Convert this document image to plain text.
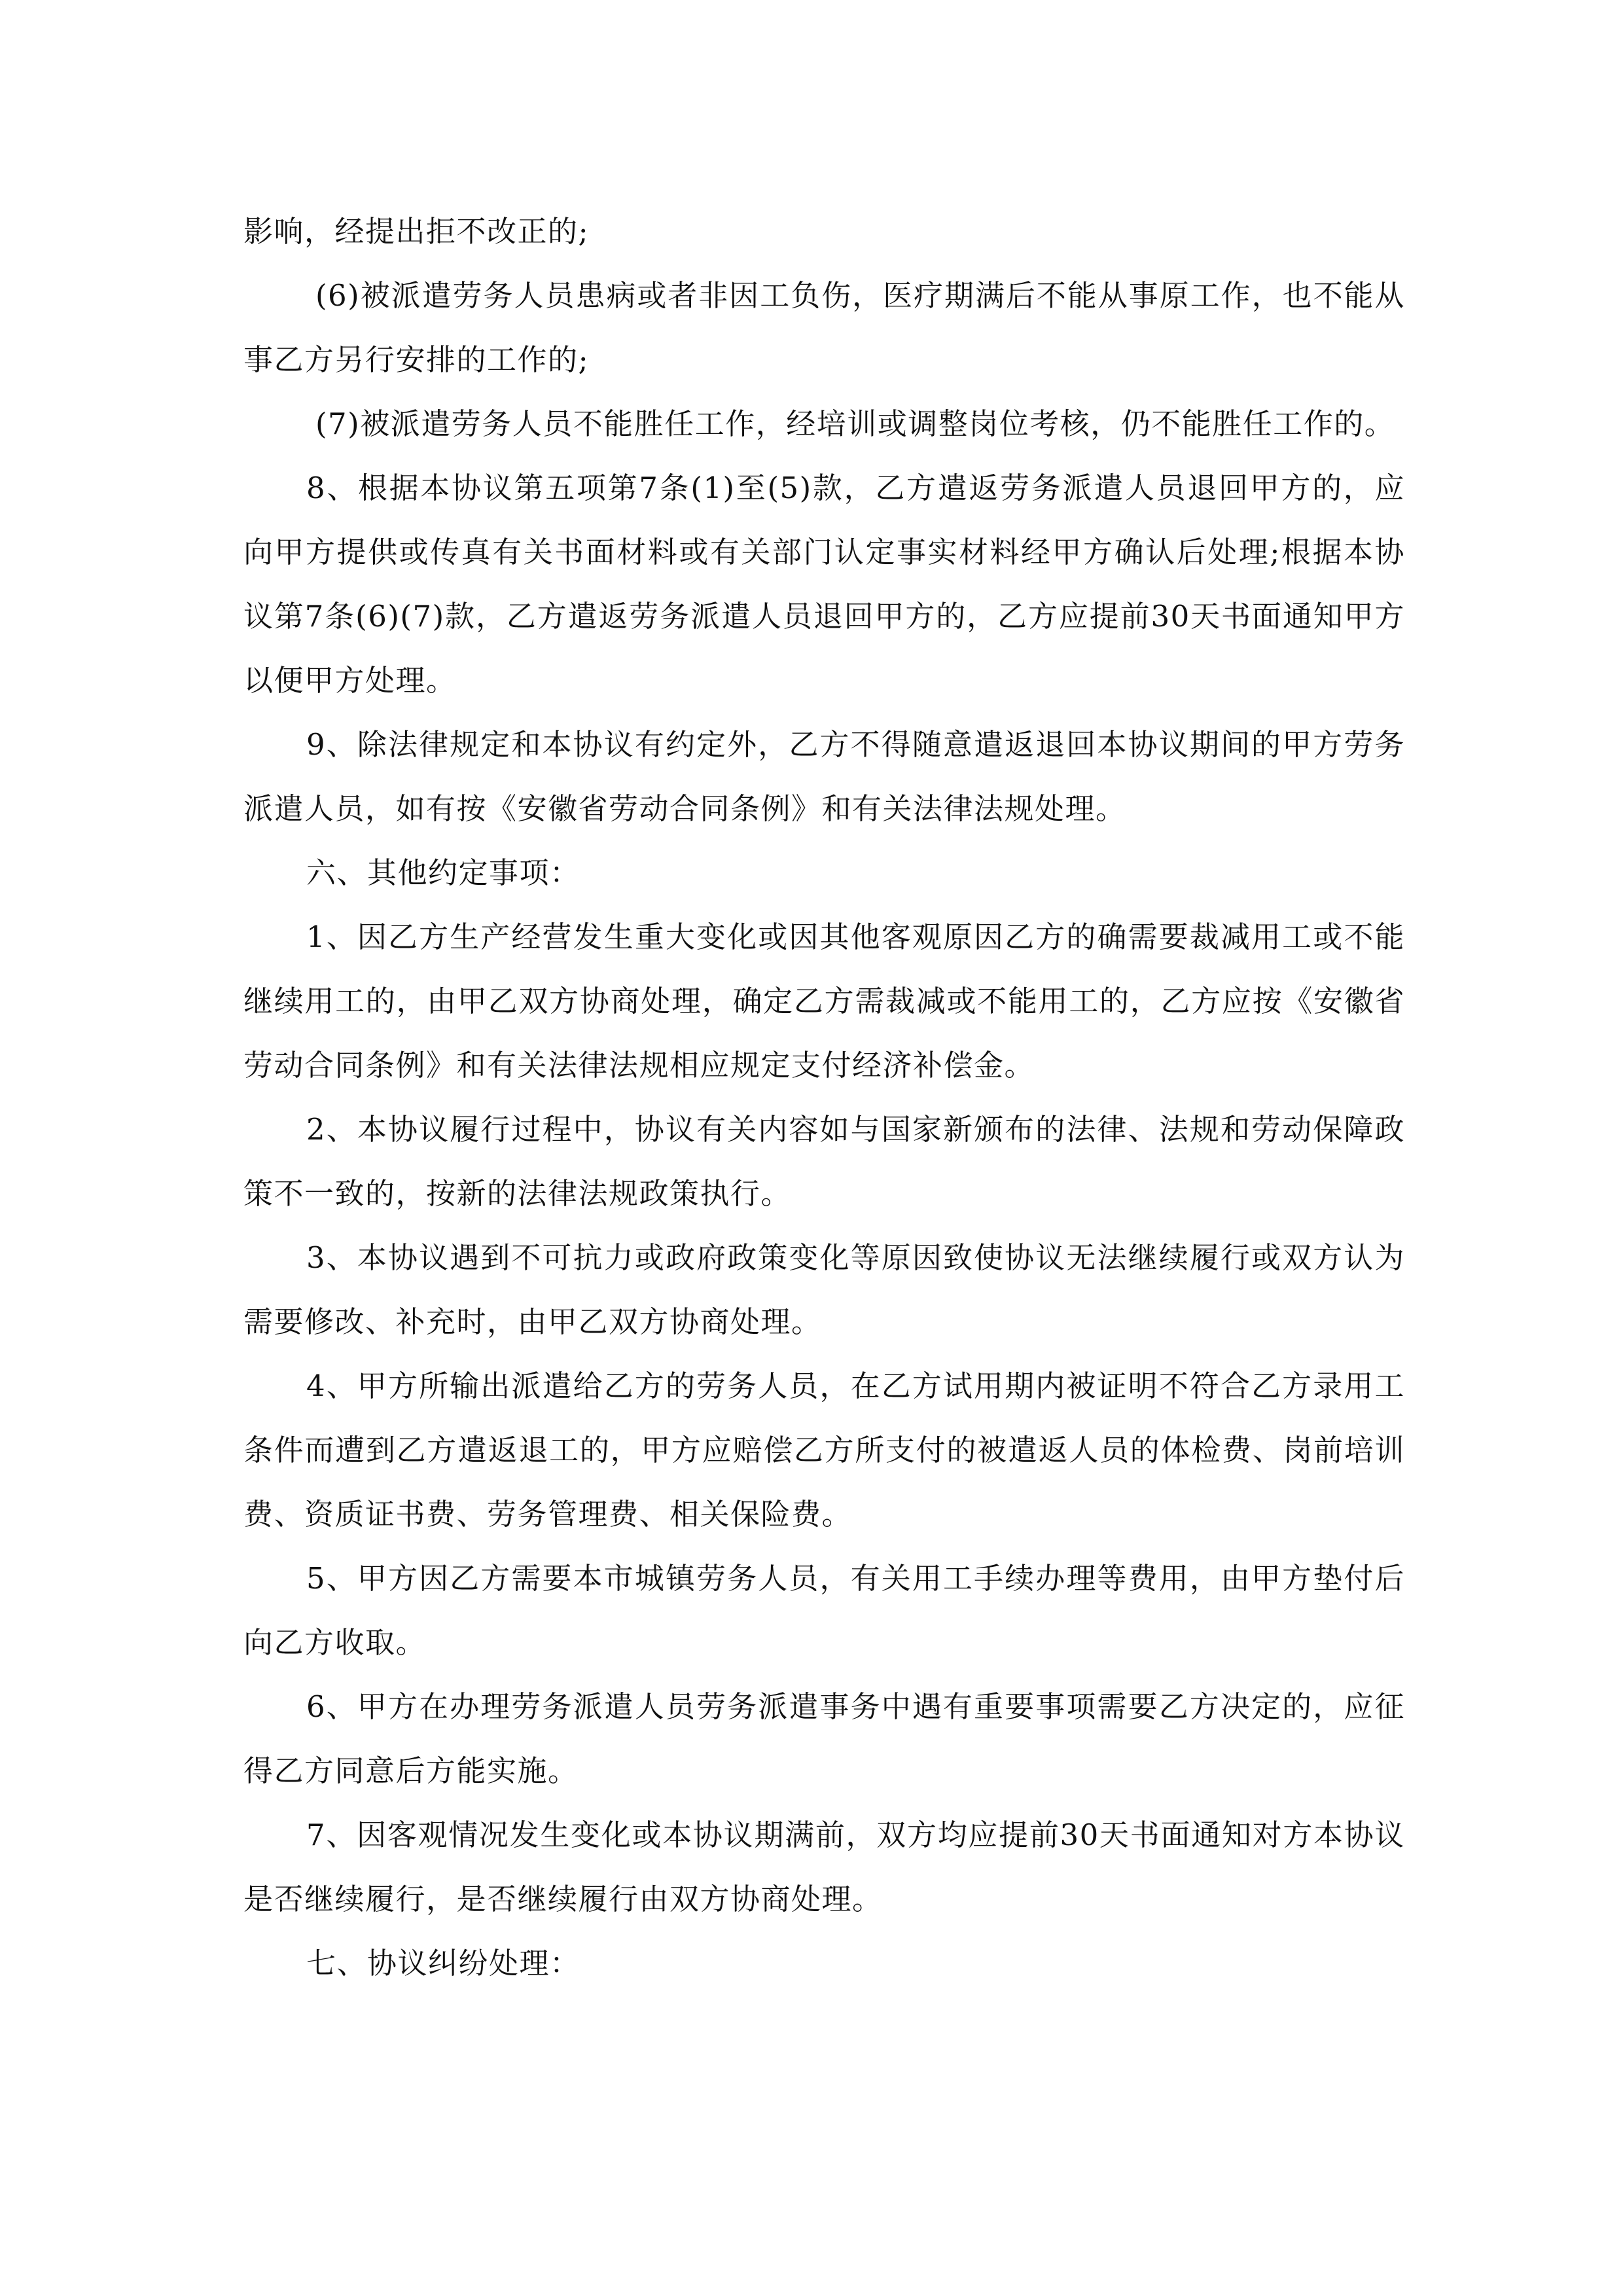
影响，经提出拒不改正的;

(6)被派遣劳务人员患病或者非因工负伤，医疗期满后不能从事原工作，也不能从事乙方另行安排的工作的;

(7)被派遣劳务人员不能胜任工作，经培训或调整岗位考核，仍不能胜任工作的。

8、根据本协议第五项第7条(1)至(5)款，乙方遣返劳务派遣人员退回甲方的，应向甲方提供或传真有关书面材料或有关部门认定事实材料经甲方确认后处理;根据本协议第7条(6)(7)款，乙方遣返劳务派遣人员退回甲方的，乙方应提前30天书面通知甲方以便甲方处理。

9、除法律规定和本协议有约定外，乙方不得随意遣返退回本协议期间的甲方劳务派遣人员，如有按《安徽省劳动合同条例》和有关法律法规处理。

六、其他约定事项：

1、因乙方生产经营发生重大变化或因其他客观原因乙方的确需要裁减用工或不能继续用工的，由甲乙双方协商处理，确定乙方需裁减或不能用工的，乙方应按《安徽省劳动合同条例》和有关法律法规相应规定支付经济补偿金。

2、本协议履行过程中，协议有关内容如与国家新颁布的法律、法规和劳动保障政策不一致的，按新的法律法规政策执行。

3、本协议遇到不可抗力或政府政策变化等原因致使协议无法继续履行或双方认为需要修改、补充时，由甲乙双方协商处理。

4、甲方所输出派遣给乙方的劳务人员，在乙方试用期内被证明不符合乙方录用工条件而遭到乙方遣返退工的，甲方应赔偿乙方所支付的被遣返人员的体检费、岗前培训费、资质证书费、劳务管理费、相关保险费。

5、甲方因乙方需要本市城镇劳务人员，有关用工手续办理等费用，由甲方垫付后向乙方收取。

6、甲方在办理劳务派遣人员劳务派遣事务中遇有重要事项需要乙方决定的，应征得乙方同意后方能实施。

7、因客观情况发生变化或本协议期满前，双方均应提前30天书面通知对方本协议是否继续履行，是否继续履行由双方协商处理。

七、协议纠纷处理：
